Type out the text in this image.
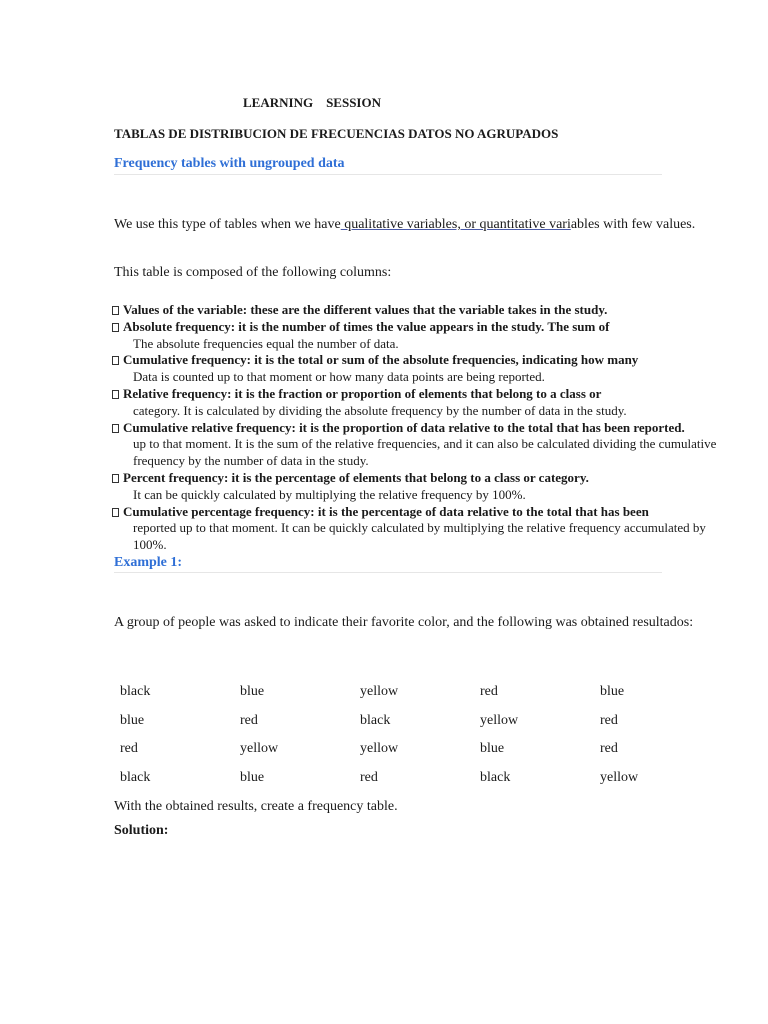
LEARNING    SESSION

TABLAS DE DISTRIBUCION DE FRECUENCIAS DATOS NO AGRUPADOS

Frequency tables with ungrouped data

We use this type of tables when we have qualitative variables, or quantitative variables with few values.

This table is composed of the following columns:

Values of the variable: these are the different values that the variable takes in the study.
Absolute frequency: it is the number of times the value appears in the study. The sum of
The absolute frequencies equal the number of data.
Cumulative frequency: it is the total or sum of the absolute frequencies, indicating how many
Data is counted up to that moment or how many data points are being reported.
Relative frequency: it is the fraction or proportion of elements that belong to a class or
category. It is calculated by dividing the absolute frequency by the number of data in the study.
Cumulative relative frequency: it is the proportion of data relative to the total that has been reported.
up to that moment. It is the sum of the relative frequencies, and it can also be calculated dividing the cumulative frequency by the number of data in the study.
Percent frequency: it is the percentage of elements that belong to a class or category.
It can be quickly calculated by multiplying the relative frequency by 100%.
Cumulative percentage frequency: it is the percentage of data relative to the total that has been
reported up to that moment. It can be quickly calculated by multiplying the relative frequency accumulated by 100%.

Example 1:

A group of people was asked to indicate their favorite color, and the following was obtained resultados:

black	blue	yellow	red	blue
blue	red	black	yellow	red
red	yellow	yellow	blue	red
black	blue	red	black	yellow

With the obtained results, create a frequency table.

Solution:
